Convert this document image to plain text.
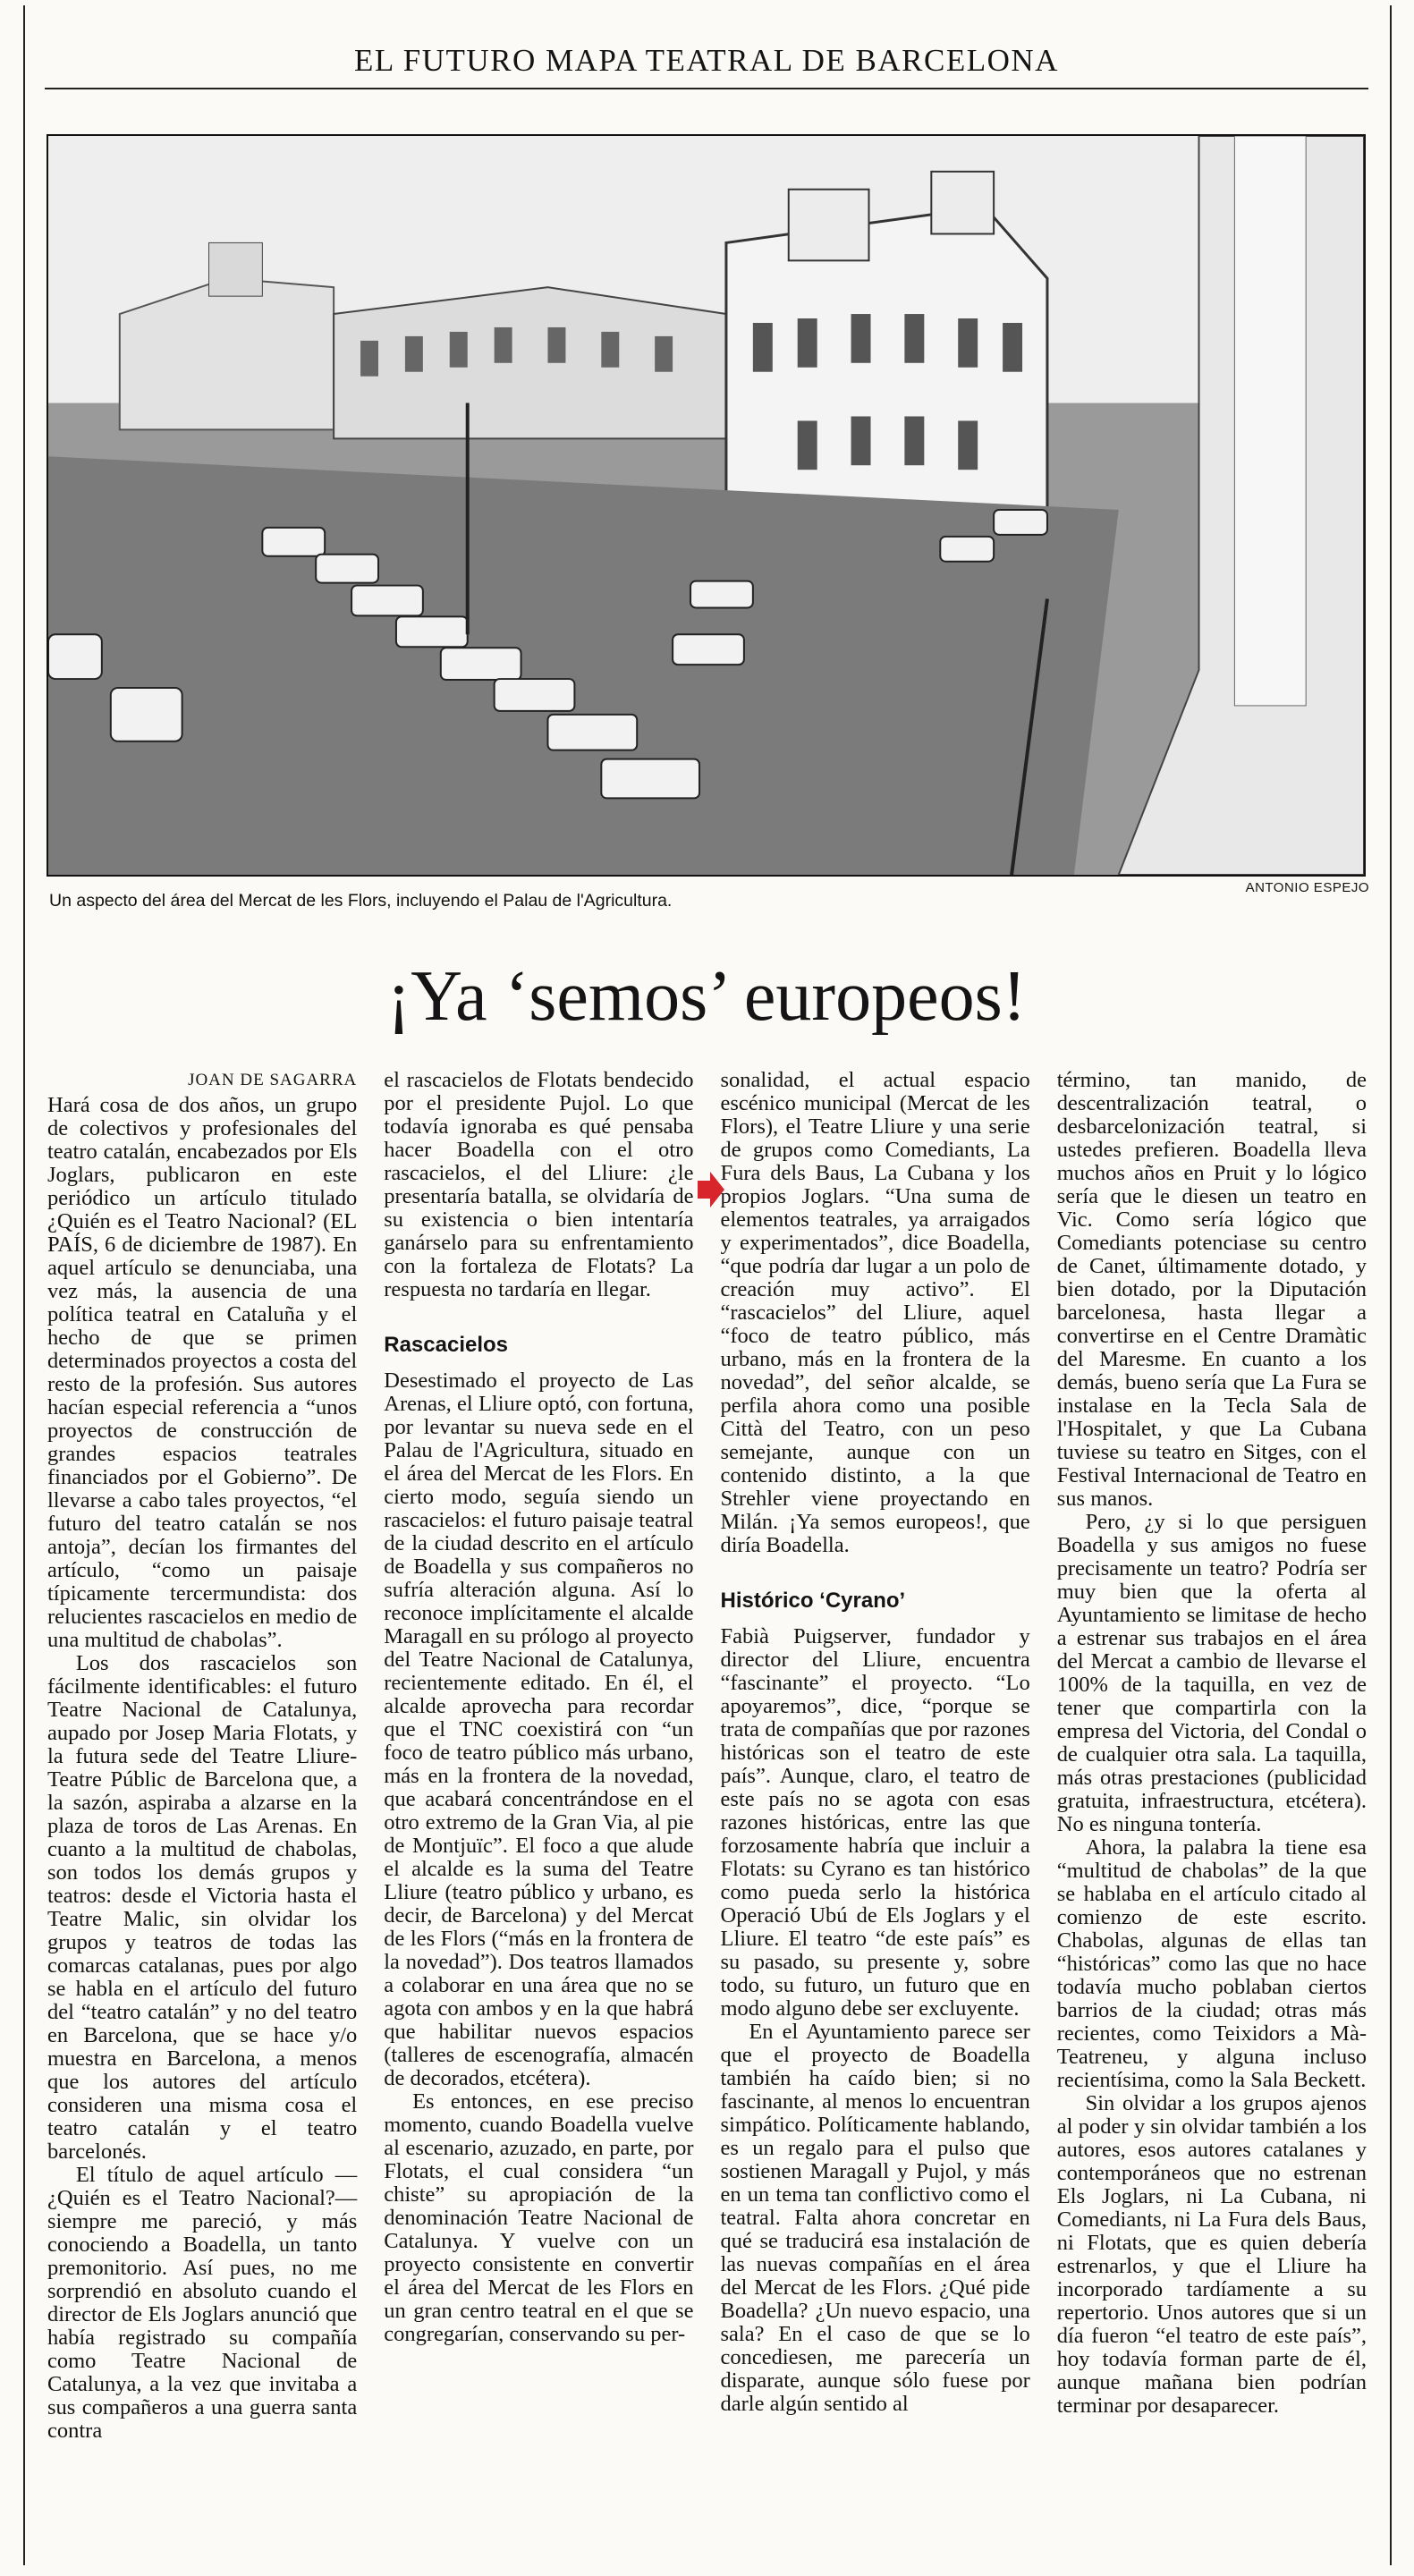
EL FUTURO MAPA TEATRAL DE BARCELONA
Un aspecto del área del Mercat de les Flors, incluyendo el Palau de l'Agricultura.
ANTONIO ESPEJO
¡Ya ‘semos’ europeos!
JOAN DE SAGARRA

Hará cosa de dos años, un grupo de colectivos y profesionales del teatro catalán, encabezados por Els Joglars, publicaron en este periódico un artículo titulado ¿Quién es el Teatro Nacional? (EL PAÍS, 6 de diciembre de 1987). En aquel artículo se denunciaba, una vez más, la ausencia de una política teatral en Cataluña y el hecho de que se primen determinados proyectos a costa del resto de la profesión. Sus autores hacían especial referencia a “unos proyectos de construcción de grandes espacios teatrales financiados por el Gobierno”. De llevarse a cabo tales proyectos, “el futuro del teatro catalán se nos antoja”, decían los firmantes del artículo, “como un paisaje típicamente tercermundista: dos relucientes rascacielos en medio de una multitud de chabolas”.

Los dos rascacielos son fácilmente identificables: el futuro Teatre Nacional de Catalunya, aupado por Josep Maria Flotats, y la futura sede del Teatre Lliure-Teatre Públic de Barcelona que, a la sazón, aspiraba a alzarse en la plaza de toros de Las Arenas. En cuanto a la multitud de chabolas, son todos los demás grupos y teatros: desde el Victoria hasta el Teatre Malic, sin olvidar los grupos y teatros de todas las comarcas catalanas, pues por algo se habla en el artículo del futuro del “teatro catalán” y no del teatro en Barcelona, que se hace y/o muestra en Barcelona, a menos que los autores del artículo consideren una misma cosa el teatro catalán y el teatro barcelonés.

El título de aquel artículo —¿Quién es el Teatro Nacional?— siempre me pareció, y más conociendo a Boadella, un tanto premonitorio. Así pues, no me sorprendió en absoluto cuando el director de Els Joglars anunció que había registrado su compañía como Teatre Nacional de Catalunya, a la vez que invitaba a sus compañeros a una guerra santa contra

el rascacielos de Flotats bendecido por el presidente Pujol. Lo que todavía ignoraba es qué pensaba hacer Boadella con el otro rascacielos, el del Lliure: ¿le presentaría batalla, se olvidaría de su existencia o bien intentaría ganárselo para su enfrentamiento con la fortaleza de Flotats? La respuesta no tardaría en llegar.

Rascacielos

Desestimado el proyecto de Las Arenas, el Lliure optó, con fortuna, por levantar su nueva sede en el Palau de l'Agricultura, situado en el área del Mercat de les Flors. En cierto modo, seguía siendo un rascacielos: el futuro paisaje teatral de la ciudad descrito en el artículo de Boadella y sus compañeros no sufría alteración alguna. Así lo reconoce implícitamente el alcalde Maragall en su prólogo al proyecto del Teatre Nacional de Catalunya, recientemente editado. En él, el alcalde aprovecha para recordar que el TNC coexistirá con “un foco de teatro público más urbano, más en la frontera de la novedad, que acabará concentrándose en el otro extremo de la Gran Via, al pie de Montjuïc”. El foco a que alude el alcalde es la suma del Teatre Lliure (teatro público y urbano, es decir, de Barcelona) y del Mercat de les Flors (“más en la frontera de la novedad”). Dos teatros llamados a colaborar en una área que no se agota con ambos y en la que habrá que habilitar nuevos espacios (talleres de escenografía, almacén de decorados, etcétera).

Es entonces, en ese preciso momento, cuando Boadella vuelve al escenario, azuzado, en parte, por Flotats, el cual considera “un chiste” su apropiación de la denominación Teatre Nacional de Catalunya. Y vuelve con un proyecto consistente en convertir el área del Mercat de les Flors en un gran centro teatral en el que se congregarían, conservando su per-

sonalidad, el actual espacio escénico municipal (Mercat de les Flors), el Teatre Lliure y una serie de grupos como Comediants, La Fura dels Baus, La Cubana y los propios Joglars. “Una suma de elementos teatrales, ya arraigados y experimentados”, dice Boadella, “que podría dar lugar a un polo de creación muy activo”. El “rascacielos” del Lliure, aquel “foco de teatro público, más urbano, más en la frontera de la novedad”, del señor alcalde, se perfila ahora como una posible Città del Teatro, con un peso semejante, aunque con un contenido distinto, a la que Strehler viene proyectando en Milán. ¡Ya semos europeos!, que diría Boadella.

Histórico ‘Cyrano’

Fabià Puigserver, fundador y director del Lliure, encuentra “fascinante” el proyecto. “Lo apoyaremos”, dice, “porque se trata de compañías que por razones históricas son el teatro de este país”. Aunque, claro, el teatro de este país no se agota con esas razones históricas, entre las que forzosamente habría que incluir a Flotats: su Cyrano es tan histórico como pueda serlo la histórica Operació Ubú de Els Joglars y el Lliure. El teatro “de este país” es su pasado, su presente y, sobre todo, su futuro, un futuro que en modo alguno debe ser excluyente.

En el Ayuntamiento parece ser que el proyecto de Boadella también ha caído bien; si no fascinante, al menos lo encuentran simpático. Políticamente hablando, es un regalo para el pulso que sostienen Maragall y Pujol, y más en un tema tan conflictivo como el teatral. Falta ahora concretar en qué se traducirá esa instalación de las nuevas compañías en el área del Mercat de les Flors. ¿Qué pide Boadella? ¿Un nuevo espacio, una sala? En el caso de que se lo concediesen, me parecería un disparate, aunque sólo fuese por darle algún sentido al

término, tan manido, de descentralización teatral, o desbarcelonización teatral, si ustedes prefieren. Boadella lleva muchos años en Pruit y lo lógico sería que le diesen un teatro en Vic. Como sería lógico que Comediants potenciase su centro de Canet, últimamente dotado, y bien dotado, por la Diputación barcelonesa, hasta llegar a convertirse en el Centre Dramàtic del Maresme. En cuanto a los demás, bueno sería que La Fura se instalase en la Tecla Sala de l'Hospitalet, y que La Cubana tuviese su teatro en Sitges, con el Festival Internacional de Teatro en sus manos.

Pero, ¿y si lo que persiguen Boadella y sus amigos no fuese precisamente un teatro? Podría ser muy bien que la oferta al Ayuntamiento se limitase de hecho a estrenar sus trabajos en el área del Mercat a cambio de llevarse el 100% de la taquilla, en vez de tener que compartirla con la empresa del Victoria, del Condal o de cualquier otra sala. La taquilla, más otras prestaciones (publicidad gratuita, infraestructura, etcétera). No es ninguna tontería.

Ahora, la palabra la tiene esa “multitud de chabolas” de la que se hablaba en el artículo citado al comienzo de este escrito. Chabolas, algunas de ellas tan “históricas” como las que no hace todavía mucho poblaban ciertos barrios de la ciudad; otras más recientes, como Teixidors a Mà-Teatreneu, y alguna incluso recientísima, como la Sala Beckett.

Sin olvidar a los grupos ajenos al poder y sin olvidar también a los autores, esos autores catalanes y contemporáneos que no estrenan Els Joglars, ni La Cubana, ni Comediants, ni La Fura dels Baus, ni Flotats, que es quien debería estrenarlos, y que el Lliure ha incorporado tardíamente a su repertorio. Unos autores que si un día fueron “el teatro de este país”, hoy todavía forman parte de él, aunque mañana bien podrían terminar por desaparecer.
